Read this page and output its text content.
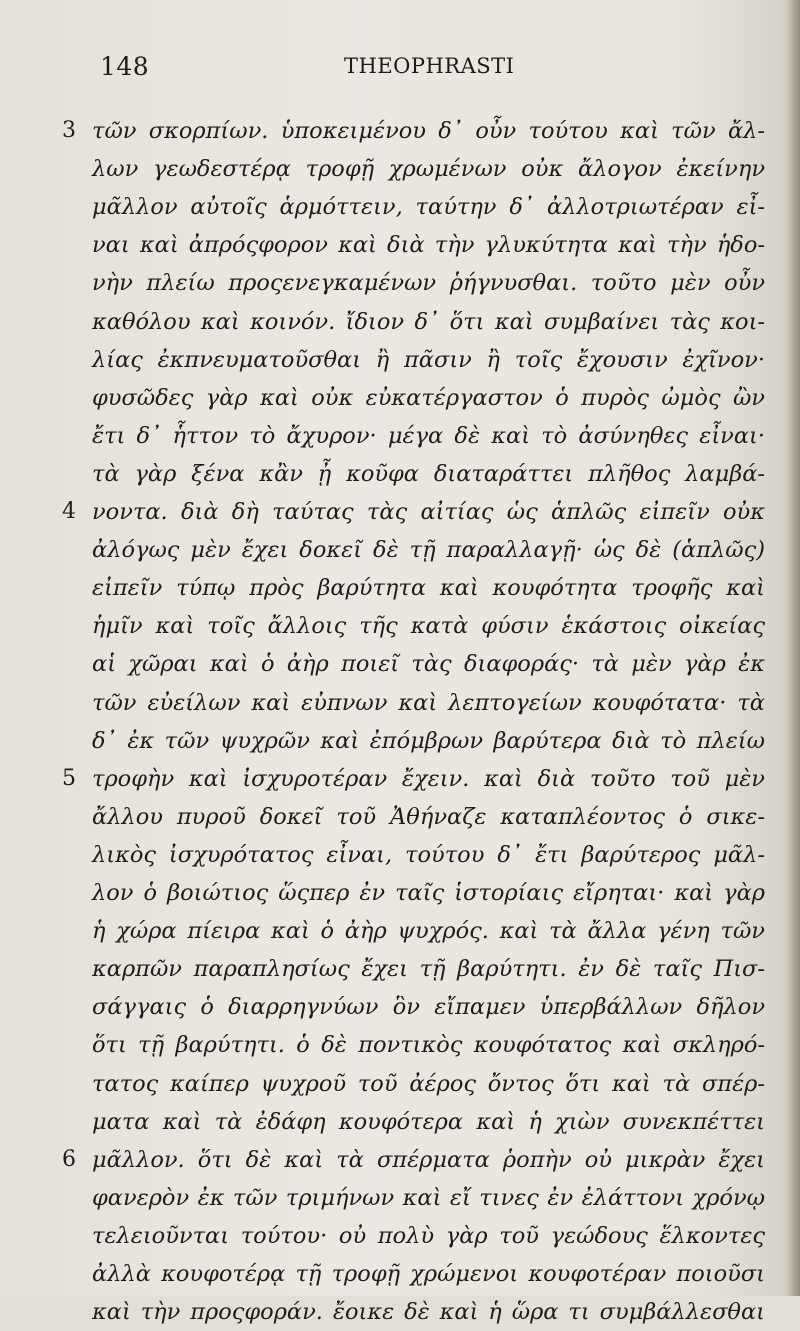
148	THEOPHRASTI
3 τῶν σκορπίων. ὑποκειμένου δ᾽ οὖν τούτου καὶ τῶν ἄλ-
λων γεωδεστέρᾳ τροφῇ χρωμένων οὐκ ἄλογον ἐκείνην
μᾶλλον αὐτοῖς ἁρμόττειν, ταύτην δ᾽ ἀλλοτριωτέραν εἶ-
ναι καὶ ἀπρόςφορον καὶ διὰ τὴν γλυκύτητα καὶ τὴν ἡδο-
νὴν πλείω προςενεγκαμένων ῥήγνυσθαι. τοῦτο μὲν οὖν
καθόλου καὶ κοινόν. ἴδιον δ᾽ ὅτι καὶ συμβαίνει τὰς κοι-
λίας ἐκπνευματοῦσθαι ἢ πᾶσιν ἢ τοῖς ἔχουσιν ἐχῖνον·
φυσῶδες γὰρ καὶ οὐκ εὐκατέργαστον ὁ πυρὸς ὠμὸς ὢν
ἔτι δ᾽ ἧττον τὸ ἄχυρον· μέγα δὲ καὶ τὸ ἀσύνηθες εἶναι·
τὰ γὰρ ξένα κἂν ᾖ κοῦφα διαταράττει πλῆθος λαμβά-
4 νοντα. διὰ δὴ ταύτας τὰς αἰτίας ὡς ἁπλῶς εἰπεῖν οὐκ
ἀλόγως μὲν ἔχει δοκεῖ δὲ τῇ παραλλαγῇ· ὡς δὲ (ἁπλῶς)
εἰπεῖν τύπῳ πρὸς βαρύτητα καὶ κουφότητα τροφῆς καὶ
ἡμῖν καὶ τοῖς ἄλλοις τῆς κατὰ φύσιν ἑκάστοις οἰκείας
αἱ χῶραι καὶ ὁ ἀὴρ ποιεῖ τὰς διαφοράς· τὰ μὲν γὰρ ἐκ
τῶν εὐείλων καὶ εὐπνων καὶ λεπτογείων κουφότατα· τὰ
δ᾽ ἐκ τῶν ψυχρῶν καὶ ἐπόμβρων βαρύτερα διὰ τὸ πλείω
5 τροφὴν καὶ ἰσχυροτέραν ἔχειν. καὶ διὰ τοῦτο τοῦ μὲν
ἄλλου πυροῦ δοκεῖ τοῦ Ἀθήναζε καταπλέοντος ὁ σικε-
λικὸς ἰσχυρότατος εἶναι, τούτου δ᾽ ἔτι βαρύτερος μᾶλ-
λον ὁ βοιώτιος ὥςπερ ἐν ταῖς ἱστορίαις εἴρηται· καὶ γὰρ
ἡ χώρα πίειρα καὶ ὁ ἀὴρ ψυχρός. καὶ τὰ ἄλλα γένη τῶν
καρπῶν παραπλησίως ἔχει τῇ βαρύτητι. ἐν δὲ ταῖς Πισ-
σάγγαις ὁ διαρρηγνύων ὃν εἴπαμεν ὑπερβάλλων δῆλον
ὅτι τῇ βαρύτητι. ὁ δὲ ποντικὸς κουφότατος καὶ σκληρό-
τατος καίπερ ψυχροῦ τοῦ ἀέρος ὄντος ὅτι καὶ τὰ σπέρ-
ματα καὶ τὰ ἐδάφη κουφότερα καὶ ἡ χιὼν συνεκπέττει
6 μᾶλλον. ὅτι δὲ καὶ τὰ σπέρματα ῥοπὴν οὐ μικρὰν ἔχει
φανερὸν ἐκ τῶν τριμήνων καὶ εἴ τινες ἐν ἐλάττονι χρόνῳ
τελειοῦνται τούτου· οὐ πολὺ γὰρ τοῦ γεώδους ἕλκοντες
ἀλλὰ κουφοτέρᾳ τῇ τροφῇ χρώμενοι κουφοτέραν ποιοῦσι
καὶ τὴν προςφοράν. ἔοικε δὲ καὶ ἡ ὥρα τι συμβάλλεσθαι
